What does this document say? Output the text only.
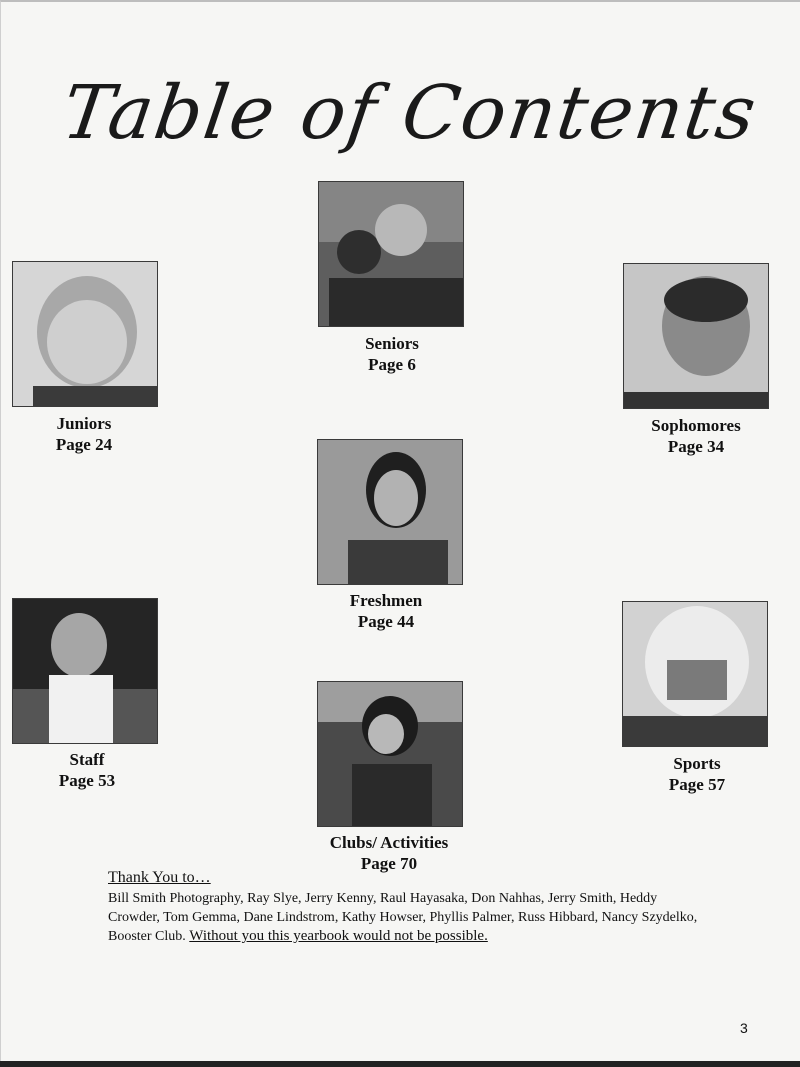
Table of Contents
Seniors
Page 6
Juniors
Page 24
Sophomores
Page 34
Freshmen
Page 44
Staff
Page 53
Sports
Page 57
Clubs/ Activities
Page 70
Thank You to…
Bill Smith Photography, Ray Slye, Jerry Kenny, Raul Hayasaka, Don Nahhas, Jerry Smith, Heddy Crowder, Tom Gemma, Dane Lindstrom, Kathy Howser, Phyllis Palmer, Russ Hibbard, Nancy Szydelko, Booster Club. Without you this yearbook would not be possible.
3
